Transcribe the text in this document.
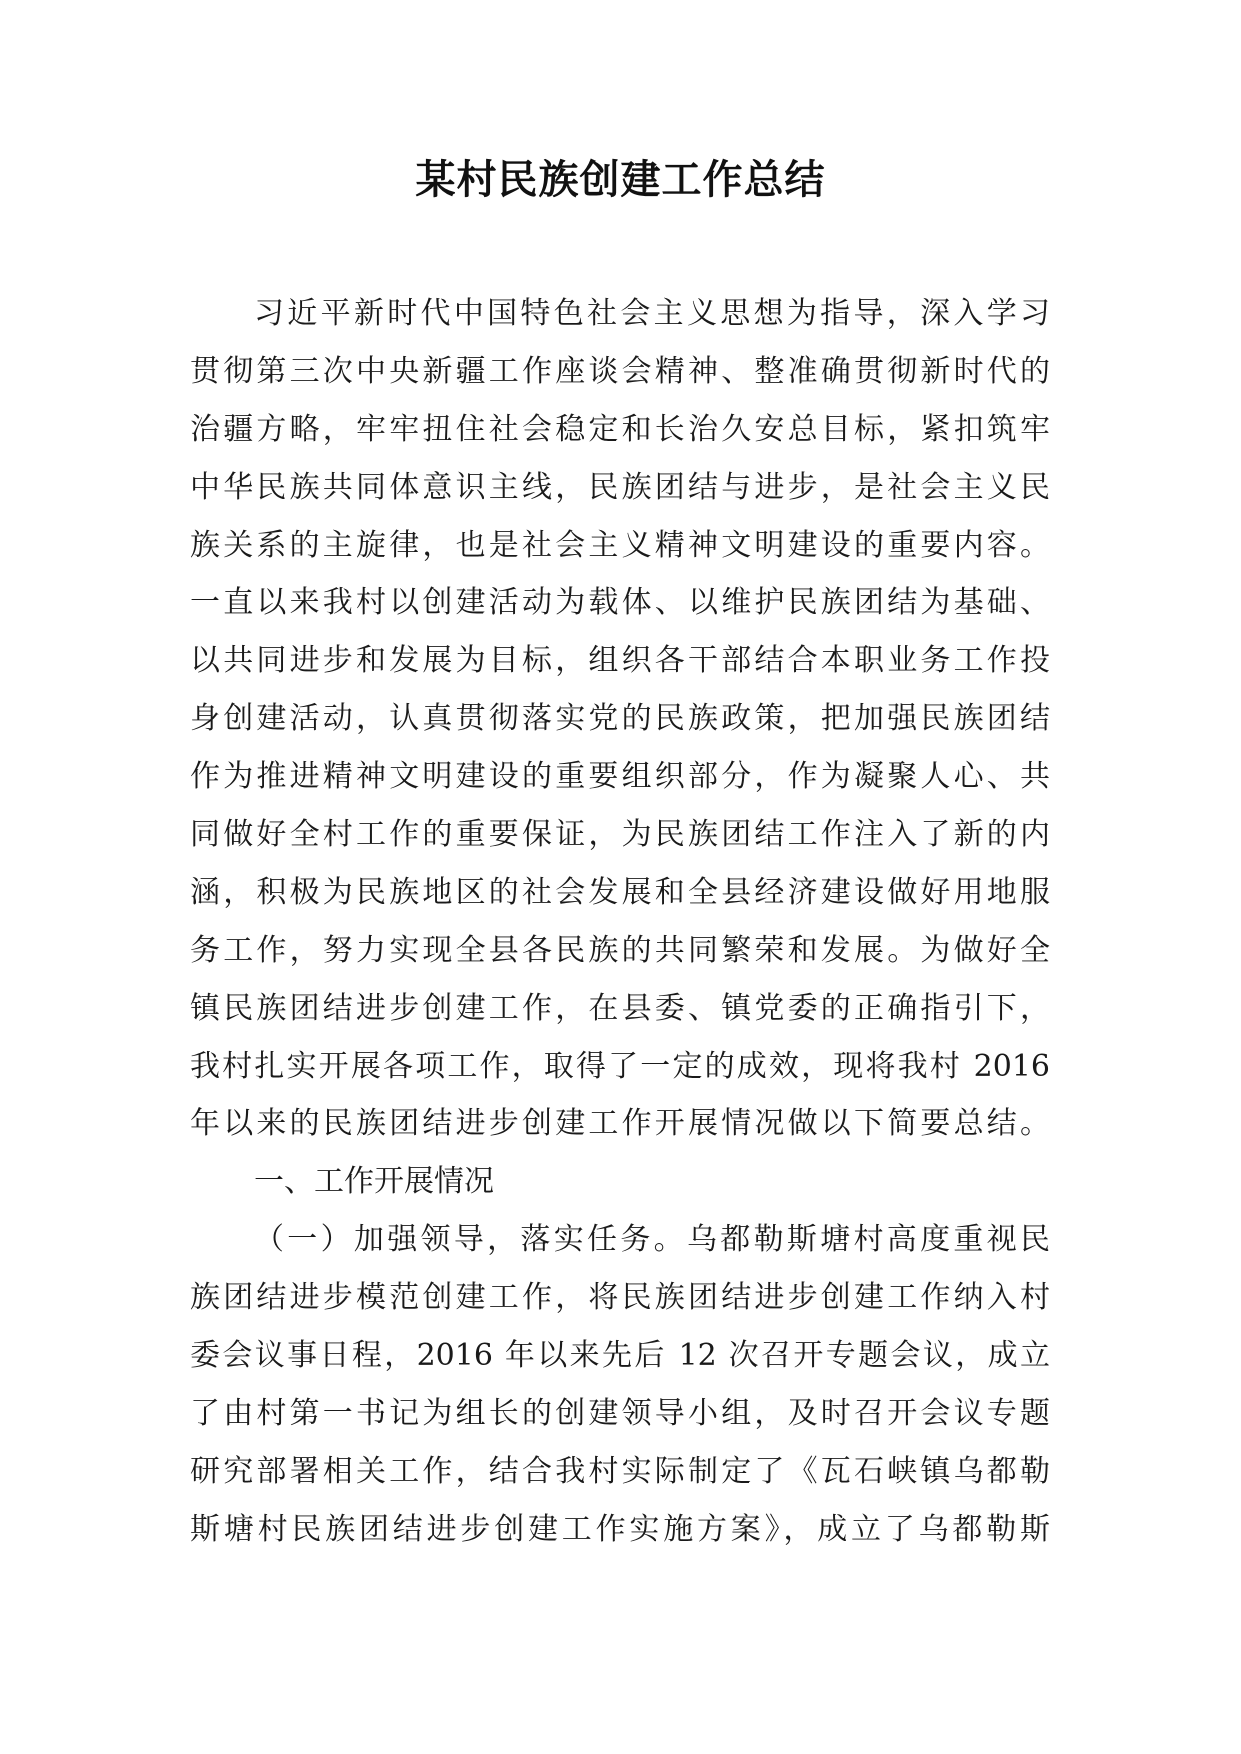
某村民族创建工作总结
习近平新时代中国特色社会主义思想为指导，深入学习
贯彻第三次中央新疆工作座谈会精神、整准确贯彻新时代的
治疆方略，牢牢扭住社会稳定和长治久安总目标，紧扣筑牢
中华民族共同体意识主线，民族团结与进步，是社会主义民
族关系的主旋律，也是社会主义精神文明建设的重要内容。
一直以来我村以创建活动为载体、以维护民族团结为基础、
以共同进步和发展为目标，组织各干部结合本职业务工作投
身创建活动，认真贯彻落实党的民族政策，把加强民族团结
作为推进精神文明建设的重要组织部分，作为凝聚人心、共
同做好全村工作的重要保证，为民族团结工作注入了新的内
涵，积极为民族地区的社会发展和全县经济建设做好用地服
务工作，努力实现全县各民族的共同繁荣和发展。为做好全
镇民族团结进步创建工作，在县委、镇党委的正确指引下，
我村扎实开展各项工作，取得了一定的成效，现将我村 2016
年以来的民族团结进步创建工作开展情况做以下简要总结。
一、工作开展情况
（一）加强领导，落实任务。乌都勒斯塘村高度重视民
族团结进步模范创建工作，将民族团结进步创建工作纳入村
委会议事日程，2016 年以来先后 12 次召开专题会议，成立
了由村第一书记为组长的创建领导小组，及时召开会议专题
研究部署相关工作，结合我村实际制定了《瓦石峡镇乌都勒
斯塘村民族团结进步创建工作实施方案》，成立了乌都勒斯
